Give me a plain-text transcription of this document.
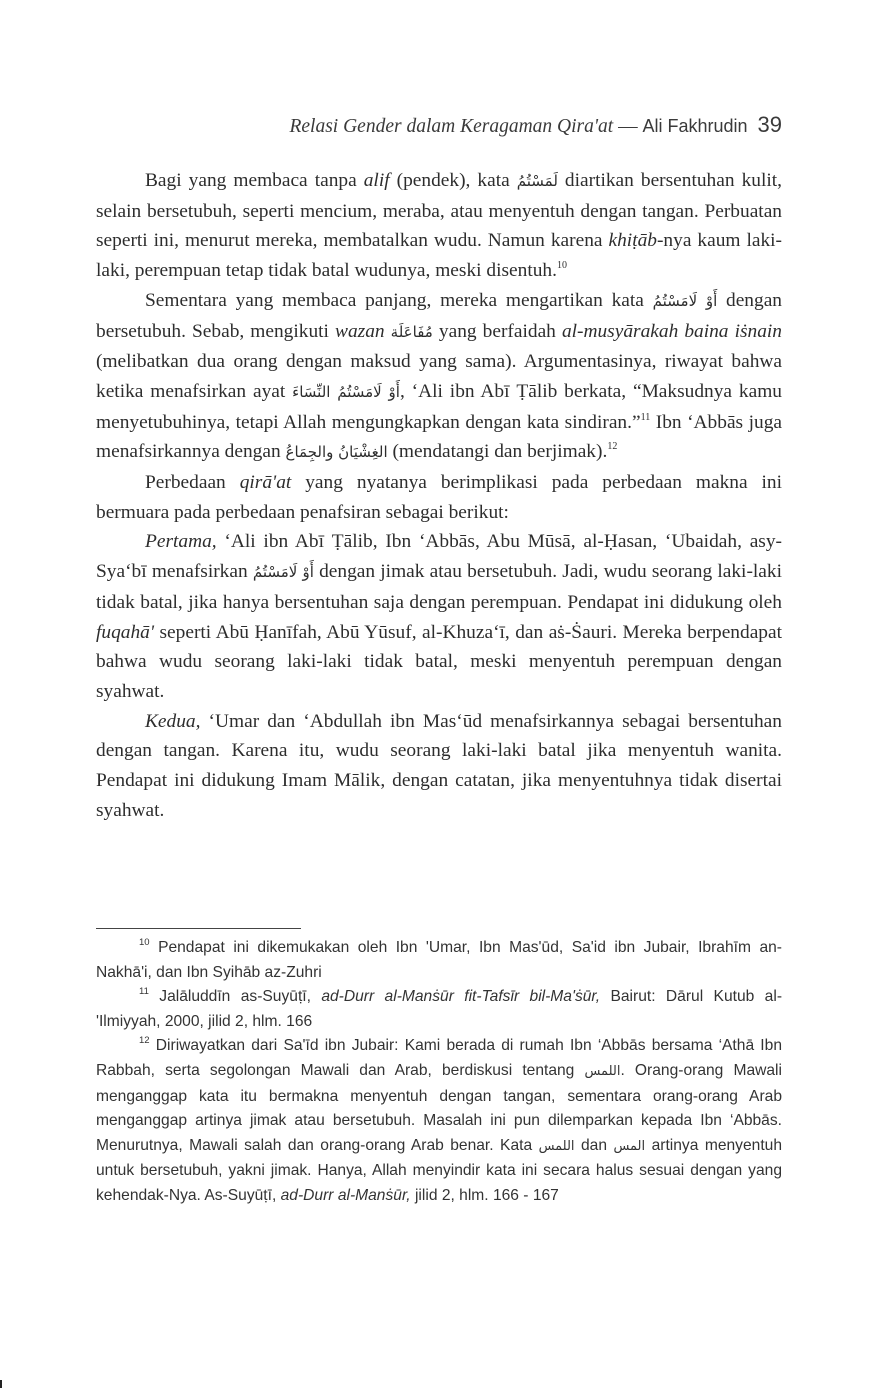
Relasi Gender dalam Keragaman Qira'at — Ali Fakhrudin 39

Bagi yang membaca tanpa alif (pendek), kata لَمَسْتُمُ diartikan bersentuhan kulit, selain bersetubuh, seperti mencium, meraba, atau menyentuh dengan tangan. Perbuatan seperti ini, menurut mereka, membatalkan wudu. Namun karena khiṭāb-nya kaum laki-laki, perempuan tetap tidak batal wudunya, meski disentuh.$^{10}$

Sementara yang membaca panjang, mereka mengartikan kata أَوْ لَامَسْتُمُ dengan bersetubuh. Sebab, mengikuti wazan مُفَاعَلَة yang berfaidah al-musyārakah baina iṡnain (melibatkan dua orang dengan maksud yang sama). Argumentasinya, riwayat bahwa ketika menafsirkan ayat أَوْ لَامَسْتُمُ النِّسَاءَ, ‘Ali ibn Abī Ṭālib berkata, “Maksudnya kamu menyetubuhinya, tetapi Allah mengungkapkan dengan kata sindiran.”$^{11}$ Ibn ‘Abbās juga menafsirkannya dengan الغِشْيَانُ والجِمَاعُ (mendatangi dan berjimak).$^{12}$

Perbedaan qirā'at yang nyatanya berimplikasi pada perbedaan makna ini bermuara pada perbedaan penafsiran sebagai berikut:

Pertama, ‘Ali ibn Abī Ṭālib, Ibn ‘Abbās, Abu Mūsā, al-Ḥasan, ‘Ubaidah, asy-Sya‘bī menafsirkan أَوْ لَامَسْتُمُ dengan jimak atau bersetubuh. Jadi, wudu seorang laki-laki tidak batal, jika hanya bersentuhan saja dengan perempuan. Pendapat ini didukung oleh fuqahā' seperti Abū Ḥanīfah, Abū Yūsuf, al-Khuza‘ī, dan aṡ-Ṡauri. Mereka berpendapat bahwa wudu seorang laki-laki tidak batal, meski menyentuh perempuan dengan syahwat.

Kedua, ‘Umar dan ‘Abdullah ibn Mas‘ūd menafsirkannya sebagai bersentuhan dengan tangan. Karena itu, wudu seorang laki-laki batal jika menyentuh wanita. Pendapat ini didukung Imam Mālik, dengan catatan, jika menyentuhnya tidak disertai syahwat.

$^{10}$ Pendapat ini dikemukakan oleh Ibn 'Umar, Ibn Mas'ūd, Sa'id ibn Jubair, Ibrahīm an-Nakhā'i, dan Ibn Syihāb az-Zuhri

$^{11}$ Jalāluddīn as-Suyūṭī, ad-Durr al-Manṡūr fit-Tafsīr bil-Ma'ṡūr, Bairut: Dārul Kutub al-'Ilmiyyah, 2000, jilid 2, hlm. 166

$^{12}$ Diriwayatkan dari Sa'īd ibn Jubair: Kami berada di rumah Ibn ‘Abbās bersama ‘Athā Ibn Rabbah, serta segolongan Mawali dan Arab, berdiskusi tentang اللمس. Orang-orang Mawali menganggap kata itu bermakna menyentuh dengan tangan, sementara orang-orang Arab menganggap artinya jimak atau bersetubuh. Masalah ini pun dilemparkan kepada Ibn ‘Abbās. Menurutnya, Mawali salah dan orang-orang Arab benar. Kata اللمس dan المس artinya menyentuh untuk bersetubuh, yakni jimak. Hanya, Allah menyindir kata ini secara halus sesuai dengan yang kehendak-Nya. As-Suyūṭī, ad-Durr al-Manṡūr, jilid 2, hlm. 166 - 167
